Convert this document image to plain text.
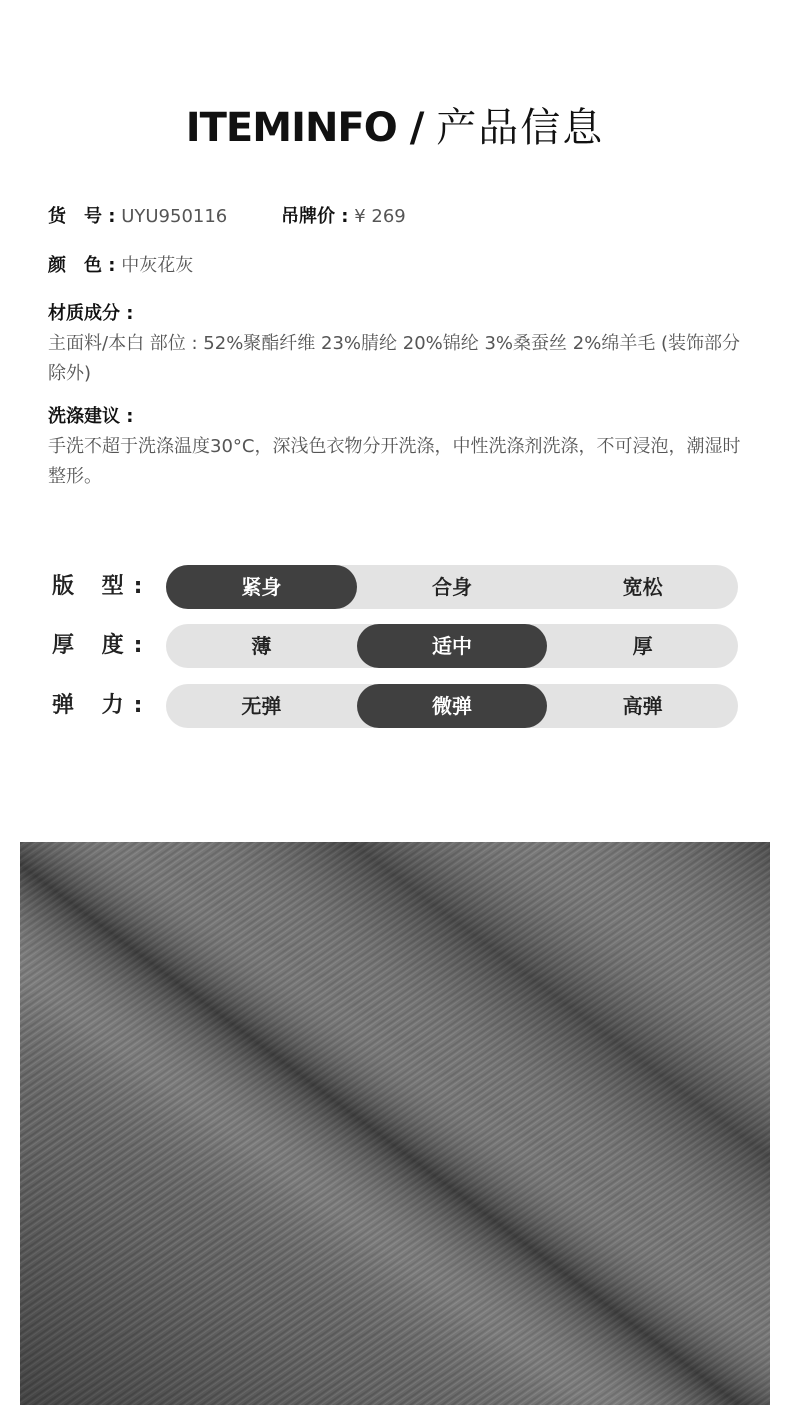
ITEMINFO / 产品信息
货　号 : UYU950116	吊牌价 : ¥ 269
颜　色 : 中灰花灰
材质成分 :
主面料/本白 部位 : 52%聚酯纤维 23%腈纶 20%锦纶 3%桑蚕丝 2%绵羊毛 (装饰部分除外)
洗涤建议 :
手洗不超于洗涤温度30°C，深浅色衣物分开洗涤，中性洗涤剂洗涤，不可浸泡，潮湿时整形。
版 型:	紧身	合身	宽松
厚 度:	薄	适中	厚
弹 力:	无弹	微弹	高弹
